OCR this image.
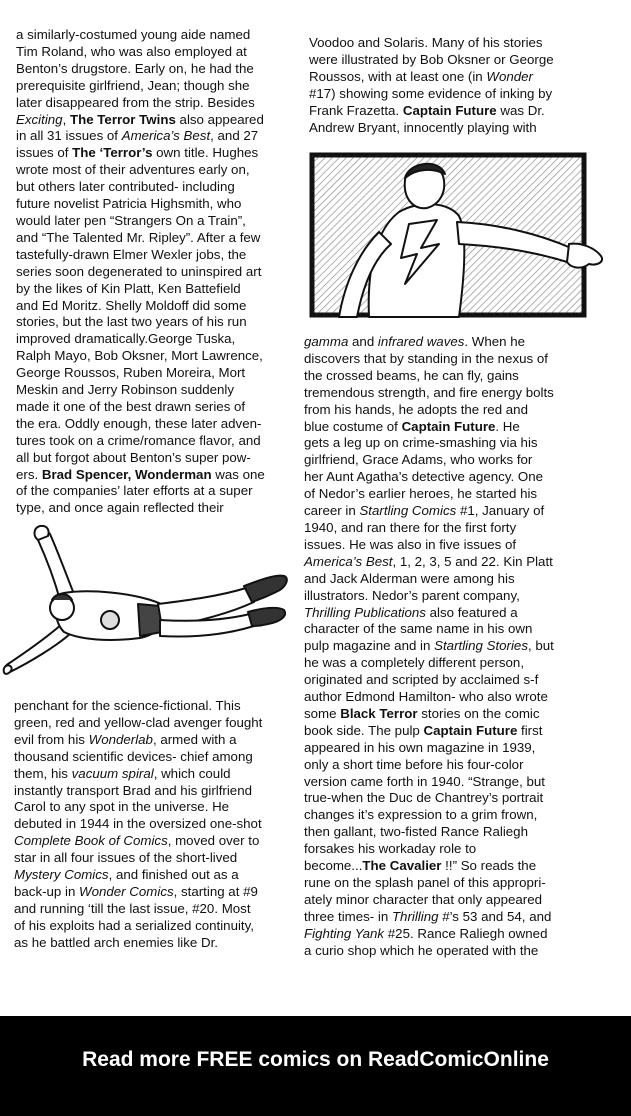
a similarly-costumed young aide named

Tim Roland, who was also employed at

Benton’s drugstore. Early on, he had the

prerequisite girlfriend, Jean; though she

later disappeared from the strip. Besides

Exciting, The Terror Twins also appeared

in all 31 issues of America’s Best, and 27

issues of The ‘Terror’s own title. Hughes

wrote most of their adventures early on,

but others later contributed- including

future novelist Patricia Highsmith, who

would later pen “Strangers On a Train”,

and “The Talented Mr. Ripley”. After a few

tastefully-drawn Elmer Wexler jobs, the

series soon degenerated to uninspired art

by the likes of Kin Platt, Ken Battefield

and Ed Moritz. Shelly Moldoff did some

stories, but the last two years of his run

improved dramatically.George Tuska,

Ralph Mayo, Bob Oksner, Mort Lawrence,

George Roussos, Ruben Moreira, Mort

Meskin and Jerry Robinson suddenly

made it one of the best drawn series of

the era. Oddly enough, these later adven-

tures took on a crime/romance flavor, and

all but forgot about Benton’s super pow-

ers. Brad Spencer, Wonderman was one

of the companies’ later efforts at a super

type, and once again reflected their

penchant for the science-fictional. This

green, red and yellow-clad avenger fought

evil from his Wonderlab, armed with a

thousand scientific devices- chief among

them, his vacuum spiral, which could

instantly transport Brad and his girlfriend

Carol to any spot in the universe. He

debuted in 1944 in the oversized one-shot

Complete Book of Comics, moved over to

star in all four issues of the short-lived

Mystery Comics, and finished out as a

back-up in Wonder Comics, starting at #9

and running ‘till the last issue, #20. Most

of his exploits had a serialized continuity,

as he battled arch enemies like Dr.

Voodoo and Solaris. Many of his stories

were illustrated by Bob Oksner or George

Roussos, with at least one (in Wonder

#17) showing some evidence of inking by

Frank Frazetta. Captain Future was Dr.

Andrew Bryant, innocently playing with

gamma and infrared waves. When he

discovers that by standing in the nexus of

the crossed beams, he can fly, gains

tremendous strength, and fire energy bolts

from his hands, he adopts the red and

blue costume of Captain Future. He

gets a leg up on crime-smashing via his

girlfriend, Grace Adams, who works for

her Aunt Agatha’s detective agency. One

of Nedor’s earlier heroes, he started his

career in Startling Comics #1, January of

1940, and ran there for the first forty

issues. He was also in five issues of

America’s Best, 1, 2, 3, 5 and 22. Kin Platt

and Jack Alderman were among his

illustrators. Nedor’s parent company,

Thrilling Publications also featured a

character of the same name in his own

pulp magazine and in Startling Stories, but

he was a completely different person,

originated and scripted by acclaimed s-f

author Edmond Hamilton- who also wrote

some Black Terror stories on the comic

book side. The pulp Captain Future first

appeared in his own magazine in 1939,

only a short time before his four-color

version came forth in 1940. “Strange, but

true-when the Duc de Chantrey’s portrait

changes it’s expression to a grim frown,

then gallant, two-fisted Rance Raliegh

forsakes his workaday role to

become...The Cavalier !!” So reads the

rune on the splash panel of this appropri-

ately minor character that only appeared

three times- in Thrilling #’s 53 and 54, and

Fighting Yank #25. Rance Raliegh owned

a curio shop which he operated with the

Read more FREE comics on ReadComicOnline
